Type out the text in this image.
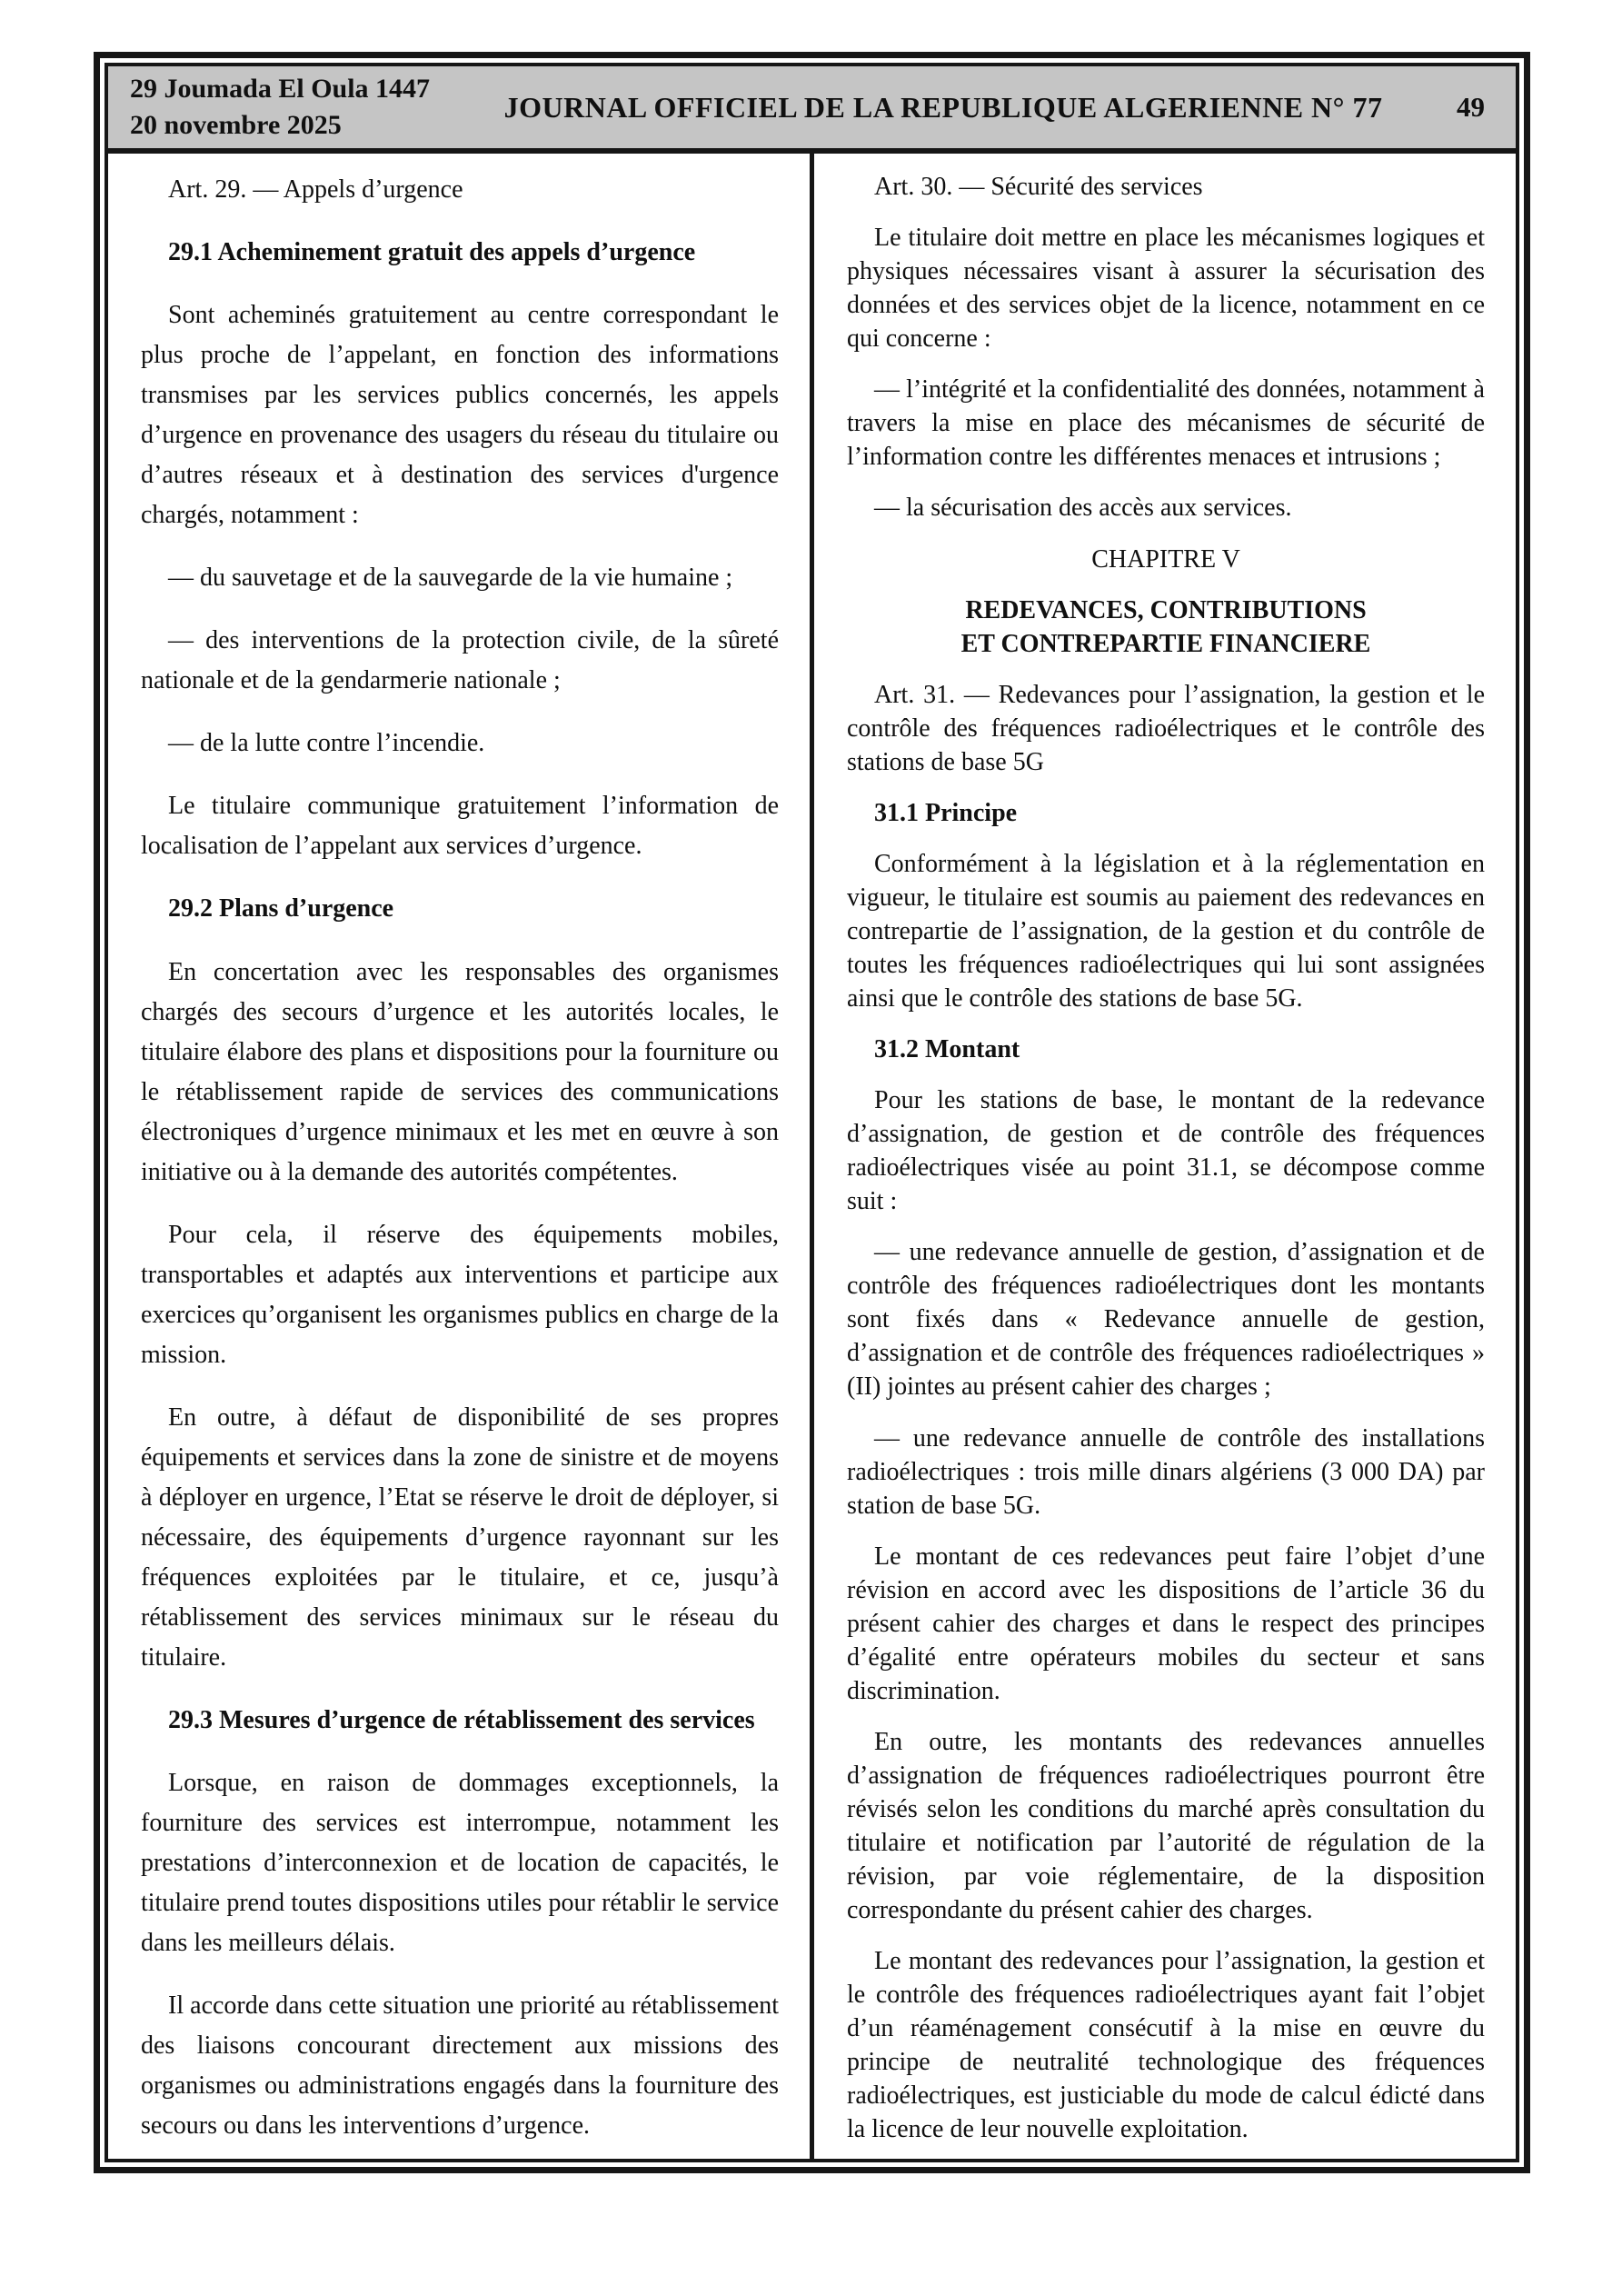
29 Joumada El Oula 1447
20 novembre 2025
JOURNAL OFFICIEL DE LA REPUBLIQUE ALGERIENNE N° 77	49

Art. 29. — Appels d’urgence

29.1 Acheminement gratuit des appels d’urgence

Sont acheminés gratuitement au centre correspondant le plus proche de l’appelant, en fonction des informations transmises par les services publics concernés, les appels d’urgence en provenance des usagers du réseau du titulaire ou d’autres réseaux et à destination des services d'urgence chargés, notamment :

— du sauvetage et de la sauvegarde de la vie humaine ;

— des interventions de la protection civile, de la sûreté nationale et de la gendarmerie nationale ;

— de la lutte contre l’incendie.

Le titulaire communique gratuitement l’information de localisation de l’appelant aux services d’urgence.

29.2 Plans d’urgence

En concertation avec les responsables des organismes chargés des secours d’urgence et les autorités locales, le titulaire élabore des plans et dispositions pour la fourniture ou le rétablissement rapide de services des communications électroniques d’urgence minimaux et les met en œuvre à son initiative ou à la demande des autorités compétentes.

Pour cela, il réserve des équipements mobiles, transportables et adaptés aux interventions et participe aux exercices qu’organisent les organismes publics en charge de la mission.

En outre, à défaut de disponibilité de ses propres équipements et services dans la zone de sinistre et de moyens à déployer en urgence, l’Etat se réserve le droit de déployer, si nécessaire, des équipements d’urgence rayonnant sur les fréquences exploitées par le titulaire, et ce, jusqu’à rétablissement des services minimaux sur le réseau du titulaire.

29.3 Mesures d’urgence de rétablissement des services

Lorsque, en raison de dommages exceptionnels, la fourniture des services est interrompue, notamment les prestations d’interconnexion et de location de capacités, le titulaire prend toutes dispositions utiles pour rétablir le service dans les meilleurs délais.

Il accorde dans cette situation une priorité au rétablissement des liaisons concourant directement aux missions des organismes ou administrations engagés dans la fourniture des secours ou dans les interventions d’urgence.

Art. 30. — Sécurité des services

Le titulaire doit mettre en place les mécanismes logiques et physiques nécessaires visant à assurer la sécurisation des données et des services objet de la licence, notamment en ce qui concerne :

— l’intégrité et la confidentialité des données, notamment à travers la mise en place des mécanismes de sécurité de l’information contre les différentes menaces et intrusions ;

— la sécurisation des accès aux services.

CHAPITRE V

REDEVANCES, CONTRIBUTIONS
ET CONTREPARTIE FINANCIERE

Art. 31. — Redevances pour l’assignation, la gestion et le contrôle des fréquences radioélectriques et le contrôle des stations de base 5G

31.1 Principe

Conformément à la législation et à la réglementation en vigueur, le titulaire est soumis au paiement des redevances en contrepartie de l’assignation, de la gestion et du contrôle de toutes les fréquences radioélectriques qui lui sont assignées ainsi que le contrôle des stations de base 5G.

31.2 Montant

Pour les stations de base, le montant de la redevance d’assignation, de gestion et de contrôle des fréquences radioélectriques visée au point 31.1, se décompose comme suit :

— une redevance annuelle de gestion, d’assignation et de contrôle des fréquences radioélectriques dont les montants sont fixés dans « Redevance annuelle de gestion, d’assignation et de contrôle des fréquences radioélectriques » (II) jointes au présent cahier des charges ;

— une redevance annuelle de contrôle des installations radioélectriques : trois mille dinars algériens (3 000 DA) par station de base 5G.

Le montant de ces redevances peut faire l’objet d’une révision en accord avec les dispositions de l’article 36 du présent cahier des charges et dans le respect des principes d’égalité entre opérateurs mobiles du secteur et sans discrimination.

En outre, les montants des redevances annuelles d’assignation de fréquences radioélectriques pourront être révisés selon les conditions du marché après consultation du titulaire et notification par l’autorité de régulation de la révision, par voie réglementaire, de la disposition correspondante du présent cahier des charges.

Le montant des redevances pour l’assignation, la gestion et le contrôle des fréquences radioélectriques ayant fait l’objet d’un réaménagement consécutif à la mise en œuvre du principe de neutralité technologique des fréquences radioélectriques, est justiciable du mode de calcul édicté dans la licence de leur nouvelle exploitation.
